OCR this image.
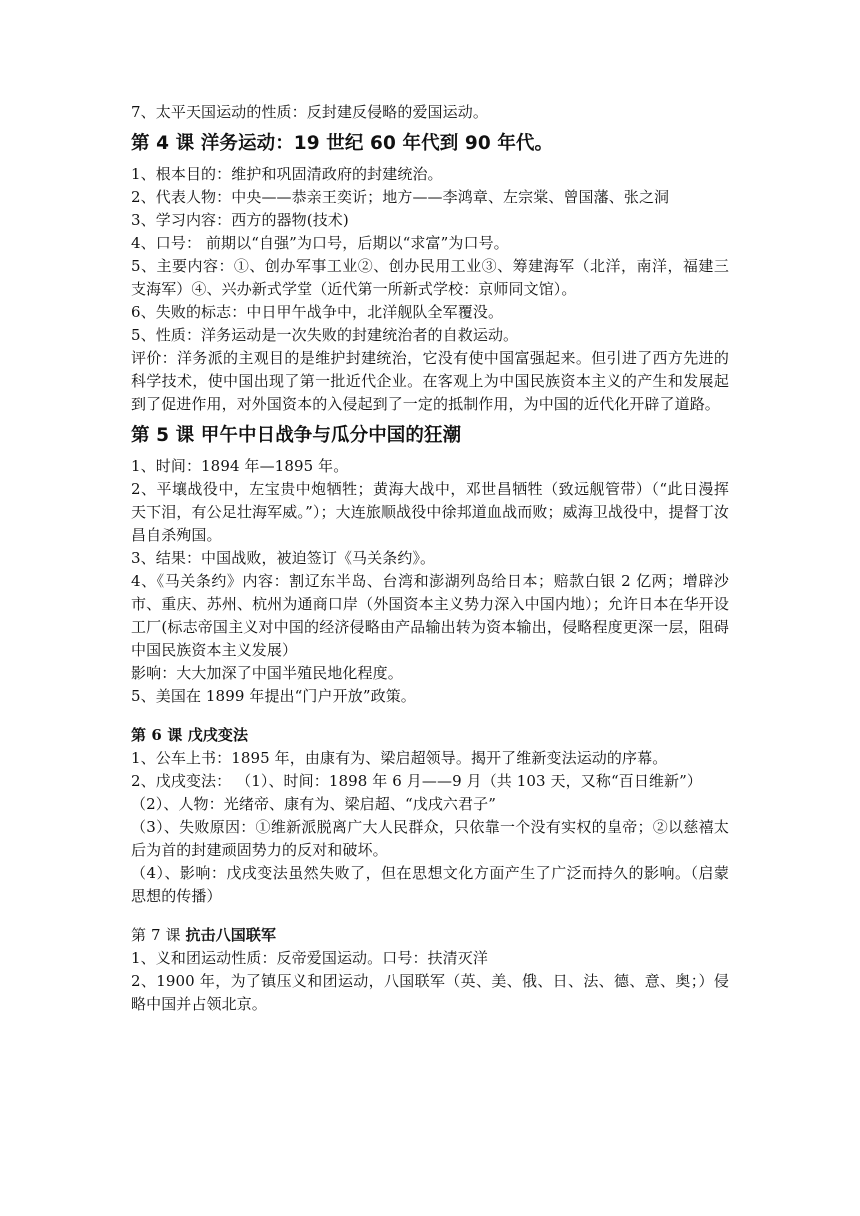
7、太平天国运动的性质：反封建反侵略的爱国运动。

第 4 课 洋务运动：19 世纪 60 年代到 90 年代。

1、根本目的：维护和巩固清政府的封建统治。

2、代表人物：中央——恭亲王奕䜣；地方——李鸿章、左宗棠、曾国藩、张之洞

3、学习内容：西方的器物(技术)

4、口号： 前期以“自强”为口号，后期以“求富”为口号。

5、主要内容：①、创办军事工业②、创办民用工业③、筹建海军（北洋，南洋，福建三支海军）④、兴办新式学堂（近代第一所新式学校：京师同文馆）。

6、失败的标志：中日甲午战争中，北洋舰队全军覆没。

5、性质：洋务运动是一次失败的封建统治者的自救运动。

评价：洋务派的主观目的是维护封建统治，它没有使中国富强起来。但引进了西方先进的科学技术，使中国出现了第一批近代企业。在客观上为中国民族资本主义的产生和发展起到了促进作用，对外国资本的入侵起到了一定的抵制作用，为中国的近代化开辟了道路。

第 5 课 甲午中日战争与瓜分中国的狂潮

1、时间：1894 年—1895 年。

2、平壤战役中，左宝贵中炮牺牲；黄海大战中，邓世昌牺牲（致远舰管带）（“此日漫挥天下泪，有公足壮海军威。”）；大连旅顺战役中徐邦道血战而败；威海卫战役中，提督丁汝昌自杀殉国。

3、结果：中国战败，被迫签订《马关条约》。

4、《马关条约》内容：割辽东半岛、台湾和澎湖列岛给日本；赔款白银 2 亿两；增辟沙市、重庆、苏州、杭州为通商口岸（外国资本主义势力深入中国内地）；允许日本在华开设工厂(标志帝国主义对中国的经济侵略由产品输出转为资本输出，侵略程度更深一层，阻碍中国民族资本主义发展）

影响：大大加深了中国半殖民地化程度。

5、美国在 1899 年提出“门户开放”政策。

第 6 课 戊戌变法

1、公车上书：1895 年，由康有为、梁启超领导。揭开了维新变法运动的序幕。

2、戊戌变法： （1）、时间：1898 年 6 月——9 月（共 103 天，又称“百日维新”）

（2）、人物：光绪帝、康有为、梁启超、“戊戌六君子”

（3）、失败原因：①维新派脱离广大人民群众，只依靠一个没有实权的皇帝；②以慈禧太后为首的封建顽固势力的反对和破坏。

（4）、影响：戊戌变法虽然失败了，但在思想文化方面产生了广泛而持久的影响。（启蒙思想的传播）

第 7 课 抗击八国联军

1、义和团运动性质：反帝爱国运动。口号：扶清灭洋

2、1900 年，为了镇压义和团运动，八国联军（英、美、俄、日、法、德、意、奥；）侵略中国并占领北京。
